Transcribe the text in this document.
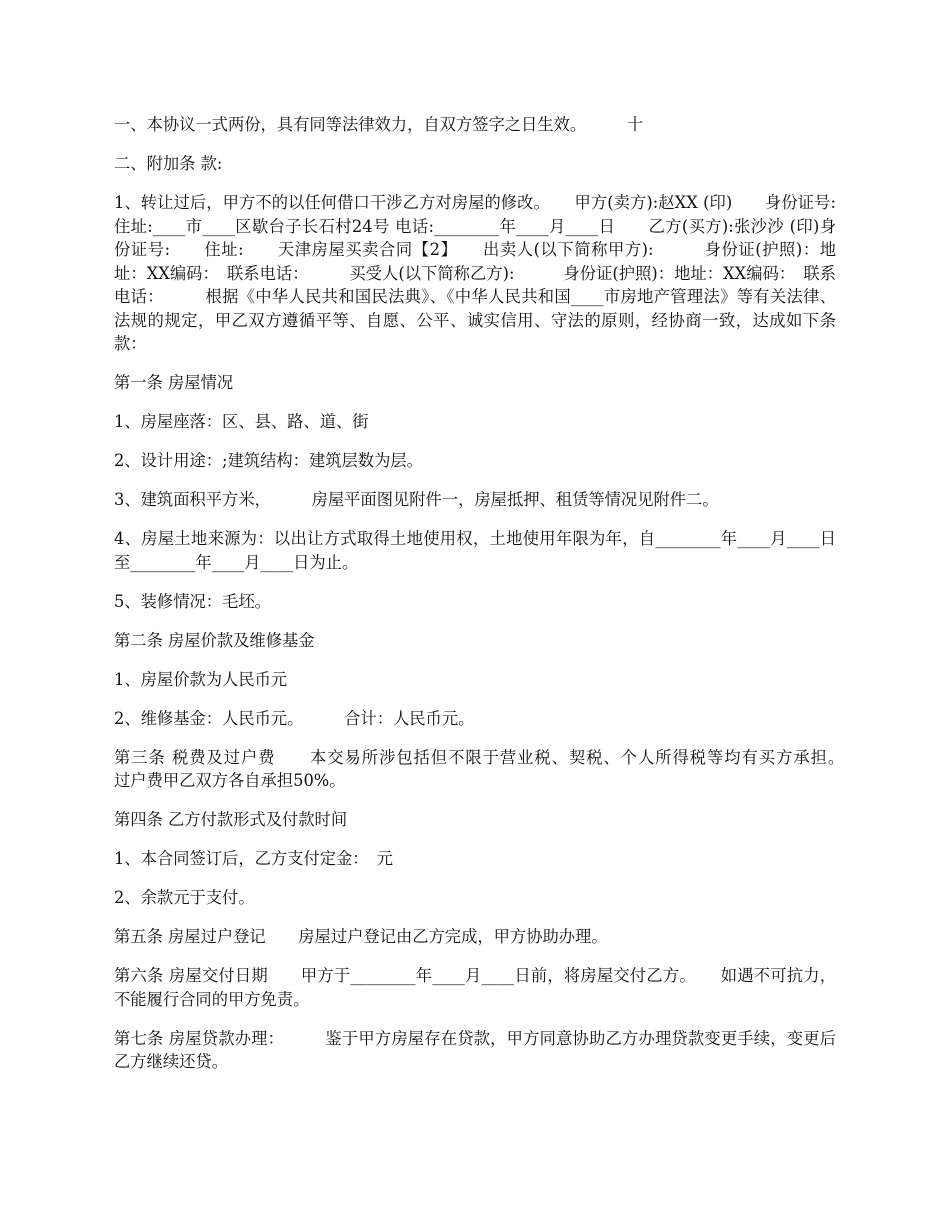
一、本协议一式两份，具有同等法律效力，自双方签字之日生效。　　　十

二、附加条 款:

1、转让过后，甲方不的以任何借口干涉乙方对房屋的修改。　　甲方(卖方):赵XX (印)　　身份证号:　　住址:____市____区歇台子长石村24号 电话:________年____月____日　　乙方(买方):张沙沙 (印)身份证号:　　住址:　　天津房屋买卖合同【2】　　出卖人(以下简称甲方):　　　身份证(护照)：地址：XX编码：　联系电话：　　　买受人(以下简称乙方):　　　身份证(护照)：地址：XX编码：　联系电话：　　　根据《中华人民共和国民法典》、《中华人民共和国____市房地产管理法》等有关法律、法规的规定，甲乙双方遵循平等、自愿、公平、诚实信用、守法的原则，经协商一致，达成如下条款：

第一条 房屋情况

1、房屋座落：区、县、路、道、街

2、设计用途：;建筑结构：建筑层数为层。

3、建筑面积平方米，　　　房屋平面图见附件一，房屋抵押、租赁等情况见附件二。

4、房屋土地来源为：以出让方式取得土地使用权，土地使用年限为年，自________年____月____日 至________年____月____日为止。

5、装修情况：毛坯。

第二条 房屋价款及维修基金

1、房屋价款为人民币元

2、维修基金：人民币元。　　　合计：人民币元。

第三条 税费及过户费　　本交易所涉包括但不限于营业税、契税、个人所得税等均有买方承担。　　　过户费甲乙双方各自承担50%。

第四条 乙方付款形式及付款时间

1、本合同签订后，乙方支付定金：　元

2、余款元于支付。

第五条 房屋过户登记　　房屋过户登记由乙方完成，甲方协助办理。

第六条 房屋交付日期　　甲方于________年____月____日前，将房屋交付乙方。　　如遇不可抗力，不能履行合同的甲方免责。

第七条 房屋贷款办理：　　　鉴于甲方房屋存在贷款，甲方同意协助乙方办理贷款变更手续，变更后乙方继续还贷。
